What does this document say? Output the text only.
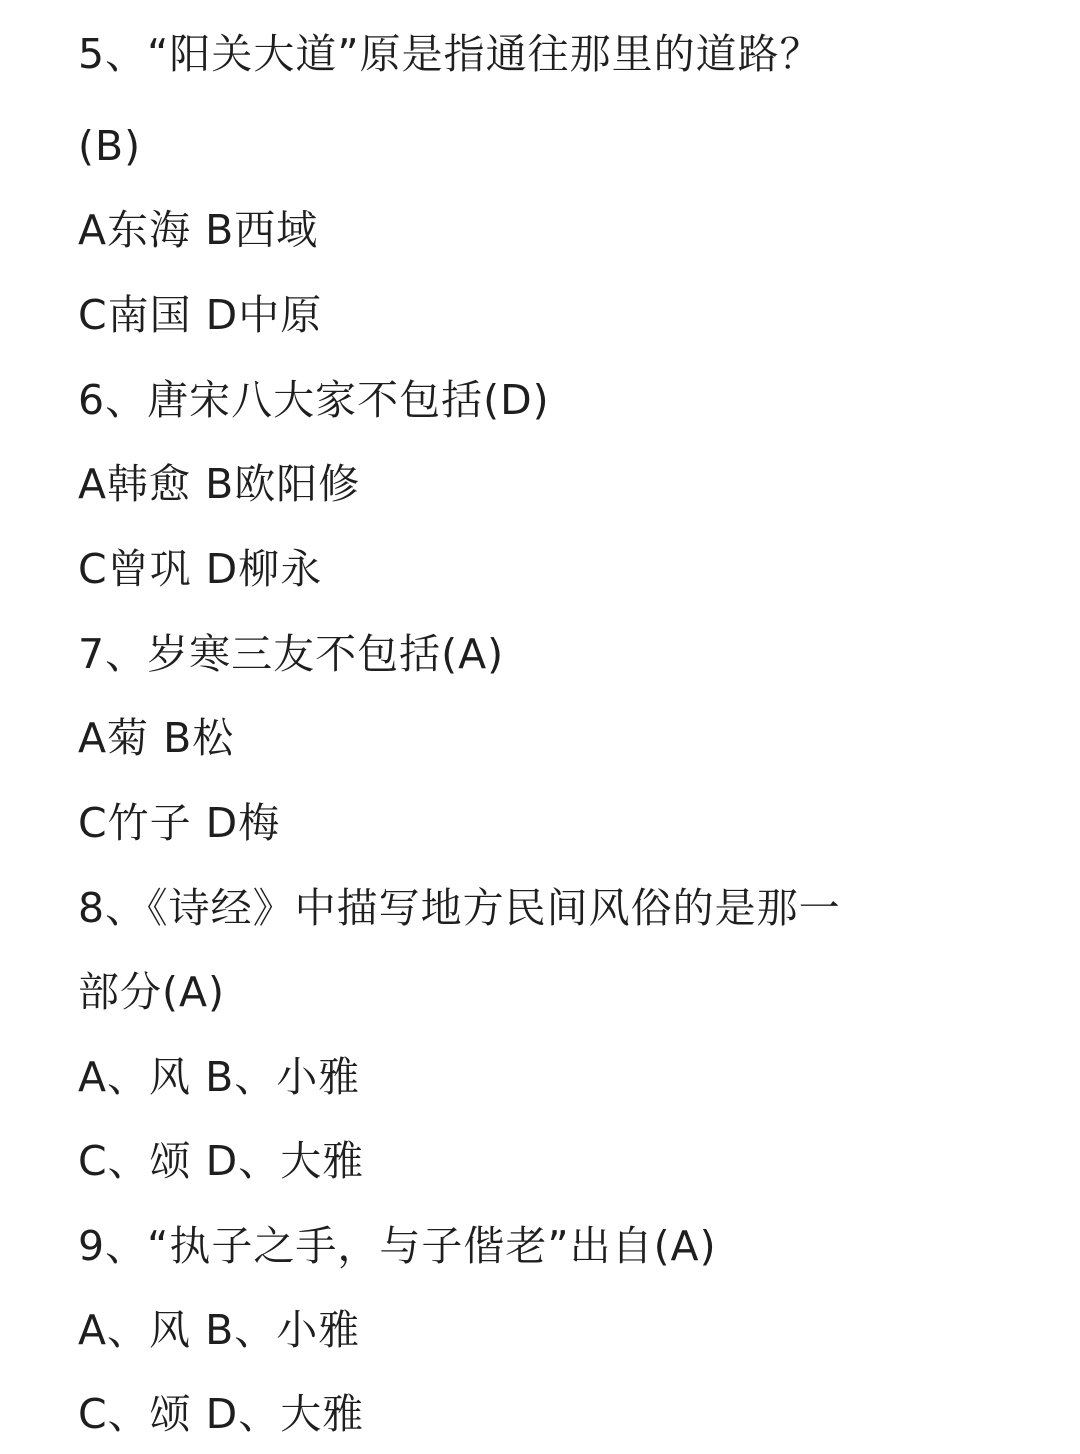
5、“阳关大道”原是指通往那里的道路？
(B)
A东海 B西域
C南国 D中原
6、唐宋八大家不包括(D)
A韩愈 B欧阳修
C曾巩 D柳永
7、岁寒三友不包括(A)
A菊 B松
C竹子 D梅
8、《诗经》中描写地方民间风俗的是那一
部分(A)
A、风 B、小雅
C、颂 D、大雅
9、“执子之手，与子偕老”出自(A)
A、风 B、小雅
C、颂 D、大雅
